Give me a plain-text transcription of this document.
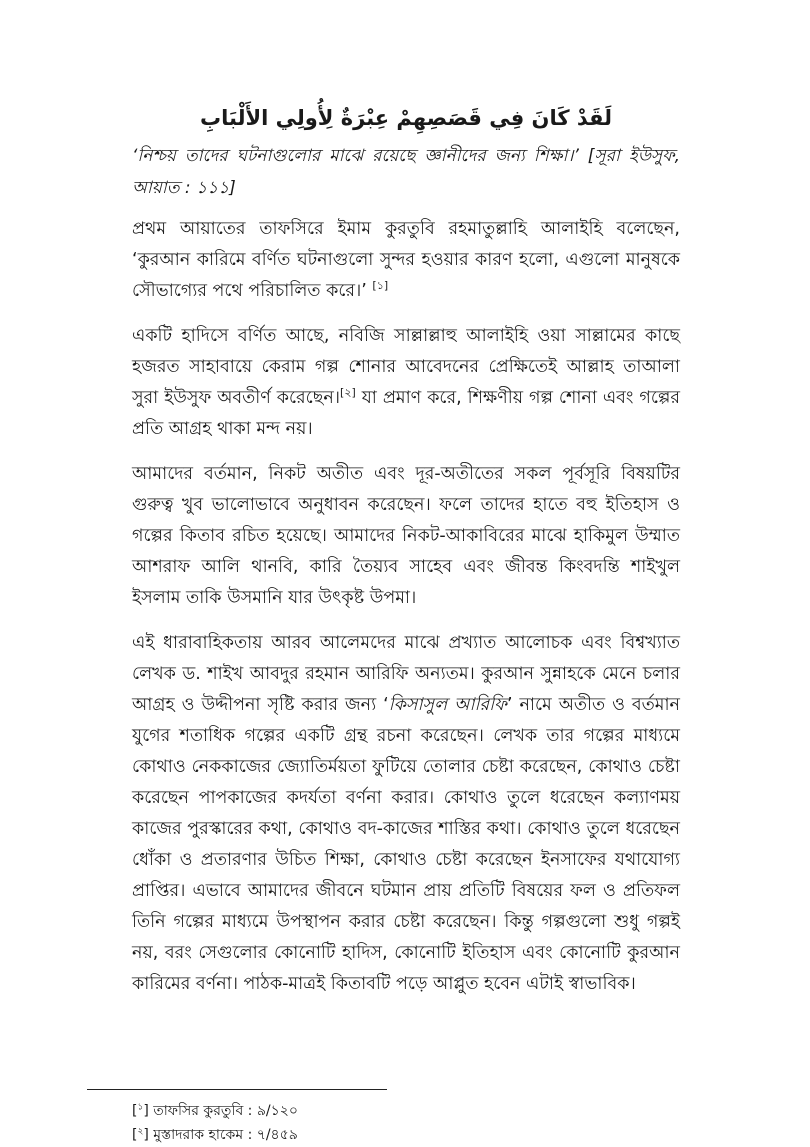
لَقَدْ كَانَ فِي قَصَصِهِمْ عِبْرَةٌ لِأُولِي الأَلْبَابِ

‘নিশ্চয় তাদের ঘটনাগুলোর মাঝে রয়েছে জ্ঞানীদের জন্য শিক্ষা।’ [সূরা ইউসুফ, আয়াত : ১১১]

প্রথম আয়াতের তাফসিরে ইমাম কুরতুবি রহমাতুল্লাহি আলাইহি বলেছেন, ‘কুরআন কারিমে বর্ণিত ঘটনাগুলো সুন্দর হওয়ার কারণ হলো, এগুলো মানুষকে সৌভাগ্যের পথে পরিচালিত করে।’ [১]

একটি হাদিসে বর্ণিত আছে, নবিজি সাল্লাল্লাহু আলাইহি ওয়া সাল্লামের কাছে হজরত সাহাবায়ে কেরাম গল্প শোনার আবেদনের প্রেক্ষিতেই আল্লাহ তাআলা সুরা ইউসুফ অবতীর্ণ করেছেন।[২] যা প্রমাণ করে, শিক্ষণীয় গল্প শোনা এবং গল্পের প্রতি আগ্রহ থাকা মন্দ নয়।

আমাদের বর্তমান, নিকট অতীত এবং দূর-অতীতের সকল পূর্বসূরি বিষয়টির গুরুত্ব খুব ভালোভাবে অনুধাবন করেছেন। ফলে তাদের হাতে বহু ইতিহাস ও গল্পের কিতাব রচিত হয়েছে। আমাদের নিকট-আকাবিরের মাঝে হাকিমুল উম্মাত আশরাফ আলি থানবি, কারি তৈয়্যব সাহেব এবং জীবন্ত কিংবদন্তি শাইখুল ইসলাম তাকি উসমানি যার উৎকৃষ্ট উপমা।

এই ধারাবাহিকতায় আরব আলেমদের মাঝে প্রখ্যাত আলোচক এবং বিশ্বখ্যাত লেখক ড. শাইখ আবদুর রহমান আরিফি অন্যতম। কুরআন সুন্নাহকে মেনে চলার আগ্রহ ও উদ্দীপনা সৃষ্টি করার জন্য ‘কিসাসুল আরিফি’ নামে অতীত ও বর্তমান যুগের শতাধিক গল্পের একটি গ্রন্থ রচনা করেছেন। লেখক তার গল্পের মাধ্যমে কোথাও নেককাজের জ্যোতির্ময়তা ফুটিয়ে তোলার চেষ্টা করেছেন, কোথাও চেষ্টা করেছেন পাপকাজের কদর্যতা বর্ণনা করার। কোথাও তুলে ধরেছেন কল্যাণময় কাজের পুরস্কারের কথা, কোথাও বদ-কাজের শাস্তির কথা। কোথাও তুলে ধরেছেন ধোঁকা ও প্রতারণার উচিত শিক্ষা, কোথাও চেষ্টা করেছেন ইনসাফের যথাযোগ্য প্রাপ্তির। এভাবে আমাদের জীবনে ঘটমান প্রায় প্রতিটি বিষয়ের ফল ও প্রতিফল তিনি গল্পের মাধ্যমে উপস্থাপন করার চেষ্টা করেছেন। কিন্তু গল্পগুলো শুধু গল্পই নয়, বরং সেগুলোর কোনোটি হাদিস, কোনোটি ইতিহাস এবং কোনোটি কুরআন কারিমের বর্ণনা। পাঠক-মাত্রই কিতাবটি পড়ে আপ্লুত হবেন এটাই স্বাভাবিক।

[$^১$] তাফসির কুরতুবি : ৯/১২০
[$^২$] মুস্তাদরাক হাকেম : ৭/৪৫৯
